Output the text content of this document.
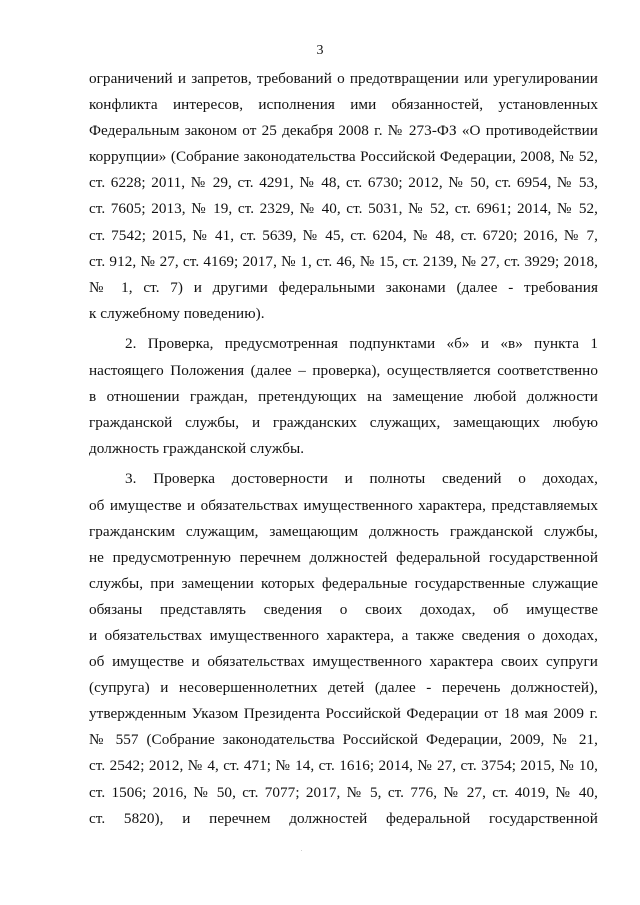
3
ограничений и запретов, требований о предотвращении или урегулировании
конфликта интересов, исполнения ими обязанностей, установленных
Федеральным законом от 25 декабря 2008 г. № 273-ФЗ «О противодействии
коррупции» (Собрание законодательства Российской Федерации, 2008, № 52,
ст. 6228; 2011, № 29, ст. 4291, № 48, ст. 6730; 2012, № 50, ст. 6954, № 53,
ст. 7605; 2013, № 19, ст. 2329, № 40, ст. 5031, № 52, ст. 6961; 2014, № 52,
ст. 7542; 2015, № 41, ст. 5639, № 45, ст. 6204, № 48, ст. 6720; 2016, № 7,
ст. 912, № 27, ст. 4169; 2017, № 1, ст. 46, № 15, ст. 2139, № 27, ст. 3929; 2018,
№ 1, ст. 7) и другими федеральными законами (далее - требования
к служебному поведению).
2. Проверка, предусмотренная подпунктами «б» и «в» пункта 1
настоящего Положения (далее – проверка), осуществляется соответственно
в отношении граждан, претендующих на замещение любой должности
гражданской службы, и гражданских служащих, замещающих любую
должность гражданской службы.
3. Проверка достоверности и полноты сведений о доходах,
об имуществе и обязательствах имущественного характера, представляемых
гражданским служащим, замещающим должность гражданской службы,
не предусмотренную перечнем должностей федеральной государственной
службы, при замещении которых федеральные государственные служащие
обязаны представлять сведения о своих доходах, об имуществе
и обязательствах имущественного характера, а также сведения о доходах,
об имуществе и обязательствах имущественного характера своих супруги
(супруга) и несовершеннолетних детей (далее - перечень должностей),
утвержденным Указом Президента Российской Федерации от 18 мая 2009 г.
№ 557 (Собрание законодательства Российской Федерации, 2009, № 21,
ст. 2542; 2012, № 4, ст. 471; № 14, ст. 1616; 2014, № 27, ст. 3754; 2015, № 10,
ст. 1506; 2016, № 50, ст. 7077; 2017, № 5, ст. 776, № 27, ст. 4019, № 40,
ст. 5820), и перечнем должностей федеральной государственной
